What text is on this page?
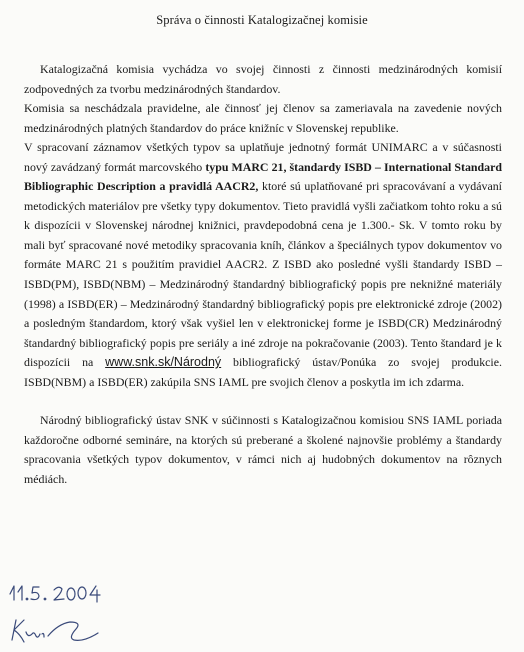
Správa o činnosti Katalogizačnej komisie

Katalogizačná komisia vychádza vo svojej činnosti z činnosti medzinárodných komisií zodpovedných za tvorbu medzinárodných štandardov.

Komisia sa neschádzala pravidelne, ale činnosť jej členov sa zameriavala na zavedenie nových medzinárodných platných štandardov do práce knižníc v Slovenskej republike.

V spracovaní záznamov všetkých typov sa uplatňuje jednotný formát UNIMARC a v súčasnosti nový zavádzaný formát marcovského typu MARC 21, štandardy ISBD – International Standard Bibliographic Description a pravidlá AACR2, ktoré sú uplatňované pri spracovávaní a vydávaní metodických materiálov pre všetky typy dokumentov. Tieto pravidlá vyšli začiatkom tohto roku a sú k dispozícii v Slovenskej národnej knižnici, pravdepodobná cena je 1.300.- Sk. V tomto roku by mali byť spracované nové metodiky spracovania kníh, článkov a špeciálnych typov dokumentov vo formáte MARC 21 s použitím pravidiel AACR2. Z ISBD ako posledné vyšli štandardy ISBD – ISBD(PM), ISBD(NBM) – Medzinárodný štandardný bibliografický popis pre neknižné materiály (1998) a ISBD(ER) – Medzinárodný štandardný bibliografický popis pre elektronické zdroje (2002) a posledným štandardom, ktorý však vyšiel len v elektronickej forme je ISBD(CR) Medzinárodný štandardný bibliografický popis pre seriály a iné zdroje na pokračovanie (2003). Tento štandard je k dispozícii na www.snk.sk/Národný bibliografický ústav/Ponúka zo svojej produkcie. ISBD(NBM) a ISBD(ER) zakúpila SNS IAML pre svojich členov a poskytla im ich zdarma.

Národný bibliografický ústav SNK v súčinnosti s Katalogizačnou komisiou SNS IAML poriada každoročne odborné semináre, na ktorých sú preberané a školené najnovšie problémy a štandardy spracovania všetkých typov dokumentov, v rámci nich aj hudobných dokumentov na rôznych médiách.
